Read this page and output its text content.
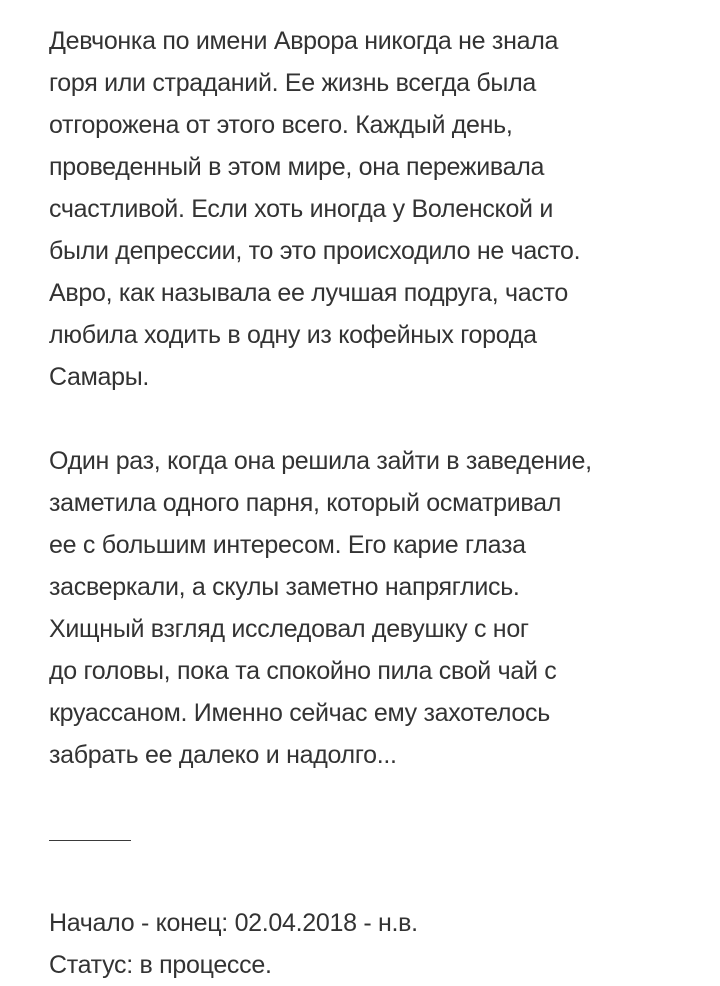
Девчонка по имени Аврора никогда не знала
горя или страданий. Ее жизнь всегда была
отгорожена от этого всего. Каждый день,
проведенный в этом мире, она переживала
счастливой. Если хоть иногда у Воленской и
были депрессии, то это происходило не часто.
Авро, как называла ее лучшая подруга, часто
любила ходить в одну из кофейных города
Самары.
Один раз, когда она решила зайти в заведение,
заметила одного парня, который осматривал
ее с большим интересом. Его карие глаза
засверкали, а скулы заметно напряглись.
Хищный взгляд исследовал девушку с ног
до головы, пока та спокойно пила свой чай с
круассаном. Именно сейчас ему захотелось
забрать ее далеко и надолго...
Начало - конец: 02.04.2018 - н.в.
Статус: в процессе.
